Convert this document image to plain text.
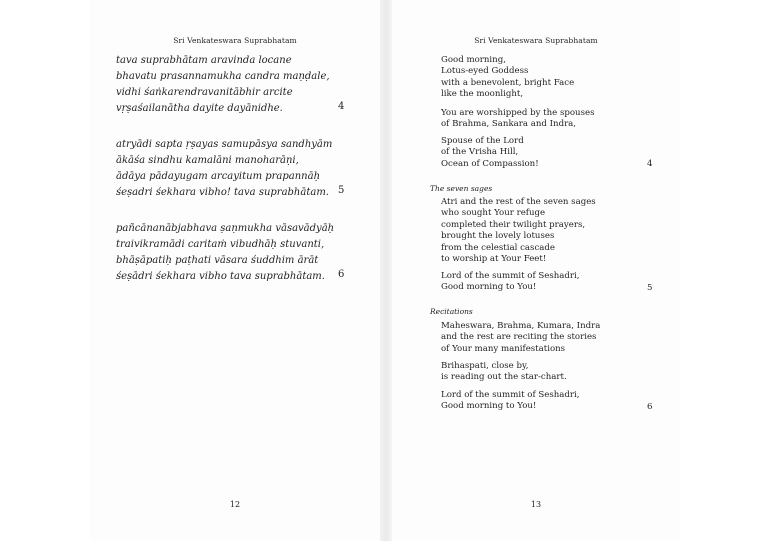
Sri Venkateswara Suprabhatam
tava suprabhātam aravinda locane
bhavatu prasannamukha candra maṇḍale,
vidhi śaṅkarendravanitābhir arcite
vṛṣaśailanātha dayite dayānidhe.	4
atryādi sapta ṛṣayas samupāsya sandhyām
ākāśa sindhu kamalāni manoharāṇi,
ādāya pādayugam arcayitum prapannāḥ
śeṣadri śekhara vibho! tava suprabhātam. 5
pañcānanābjabhava ṣaṇmukha vāsavādyāḥ
traivikramādi caritaṁ vibudhāḥ stuvanti,
bhāṣāpatiḥ paṭhati vāsara śuddhim ārāt
śeṣādri śekhara vibho tava suprabhātam.	6
12
Sri Venkateswara Suprabhatam
Good morning,
Lotus-eyed Goddess
with a benevolent, bright Face
like the moonlight,
You are worshipped by the spouses
of Brahma, Sankara and Indra,
Spouse of the Lord
of the Vrisha Hill,
Ocean of Compassion!	4
The seven sages
Atri and the rest of the seven sages
who sought Your refuge
completed their twilight prayers,
brought the lovely lotuses
from the celestial cascade
to worship at Your Feet!
Lord of the summit of Seshadri,
Good morning to You!	5
Recitations
Maheswara, Brahma, Kumara, Indra
and the rest are reciting the stories
of Your many manifestations
Brihaspati, close by,
is reading out the star-chart.
Lord of the summit of Seshadri,
Good morning to You!	6
13
